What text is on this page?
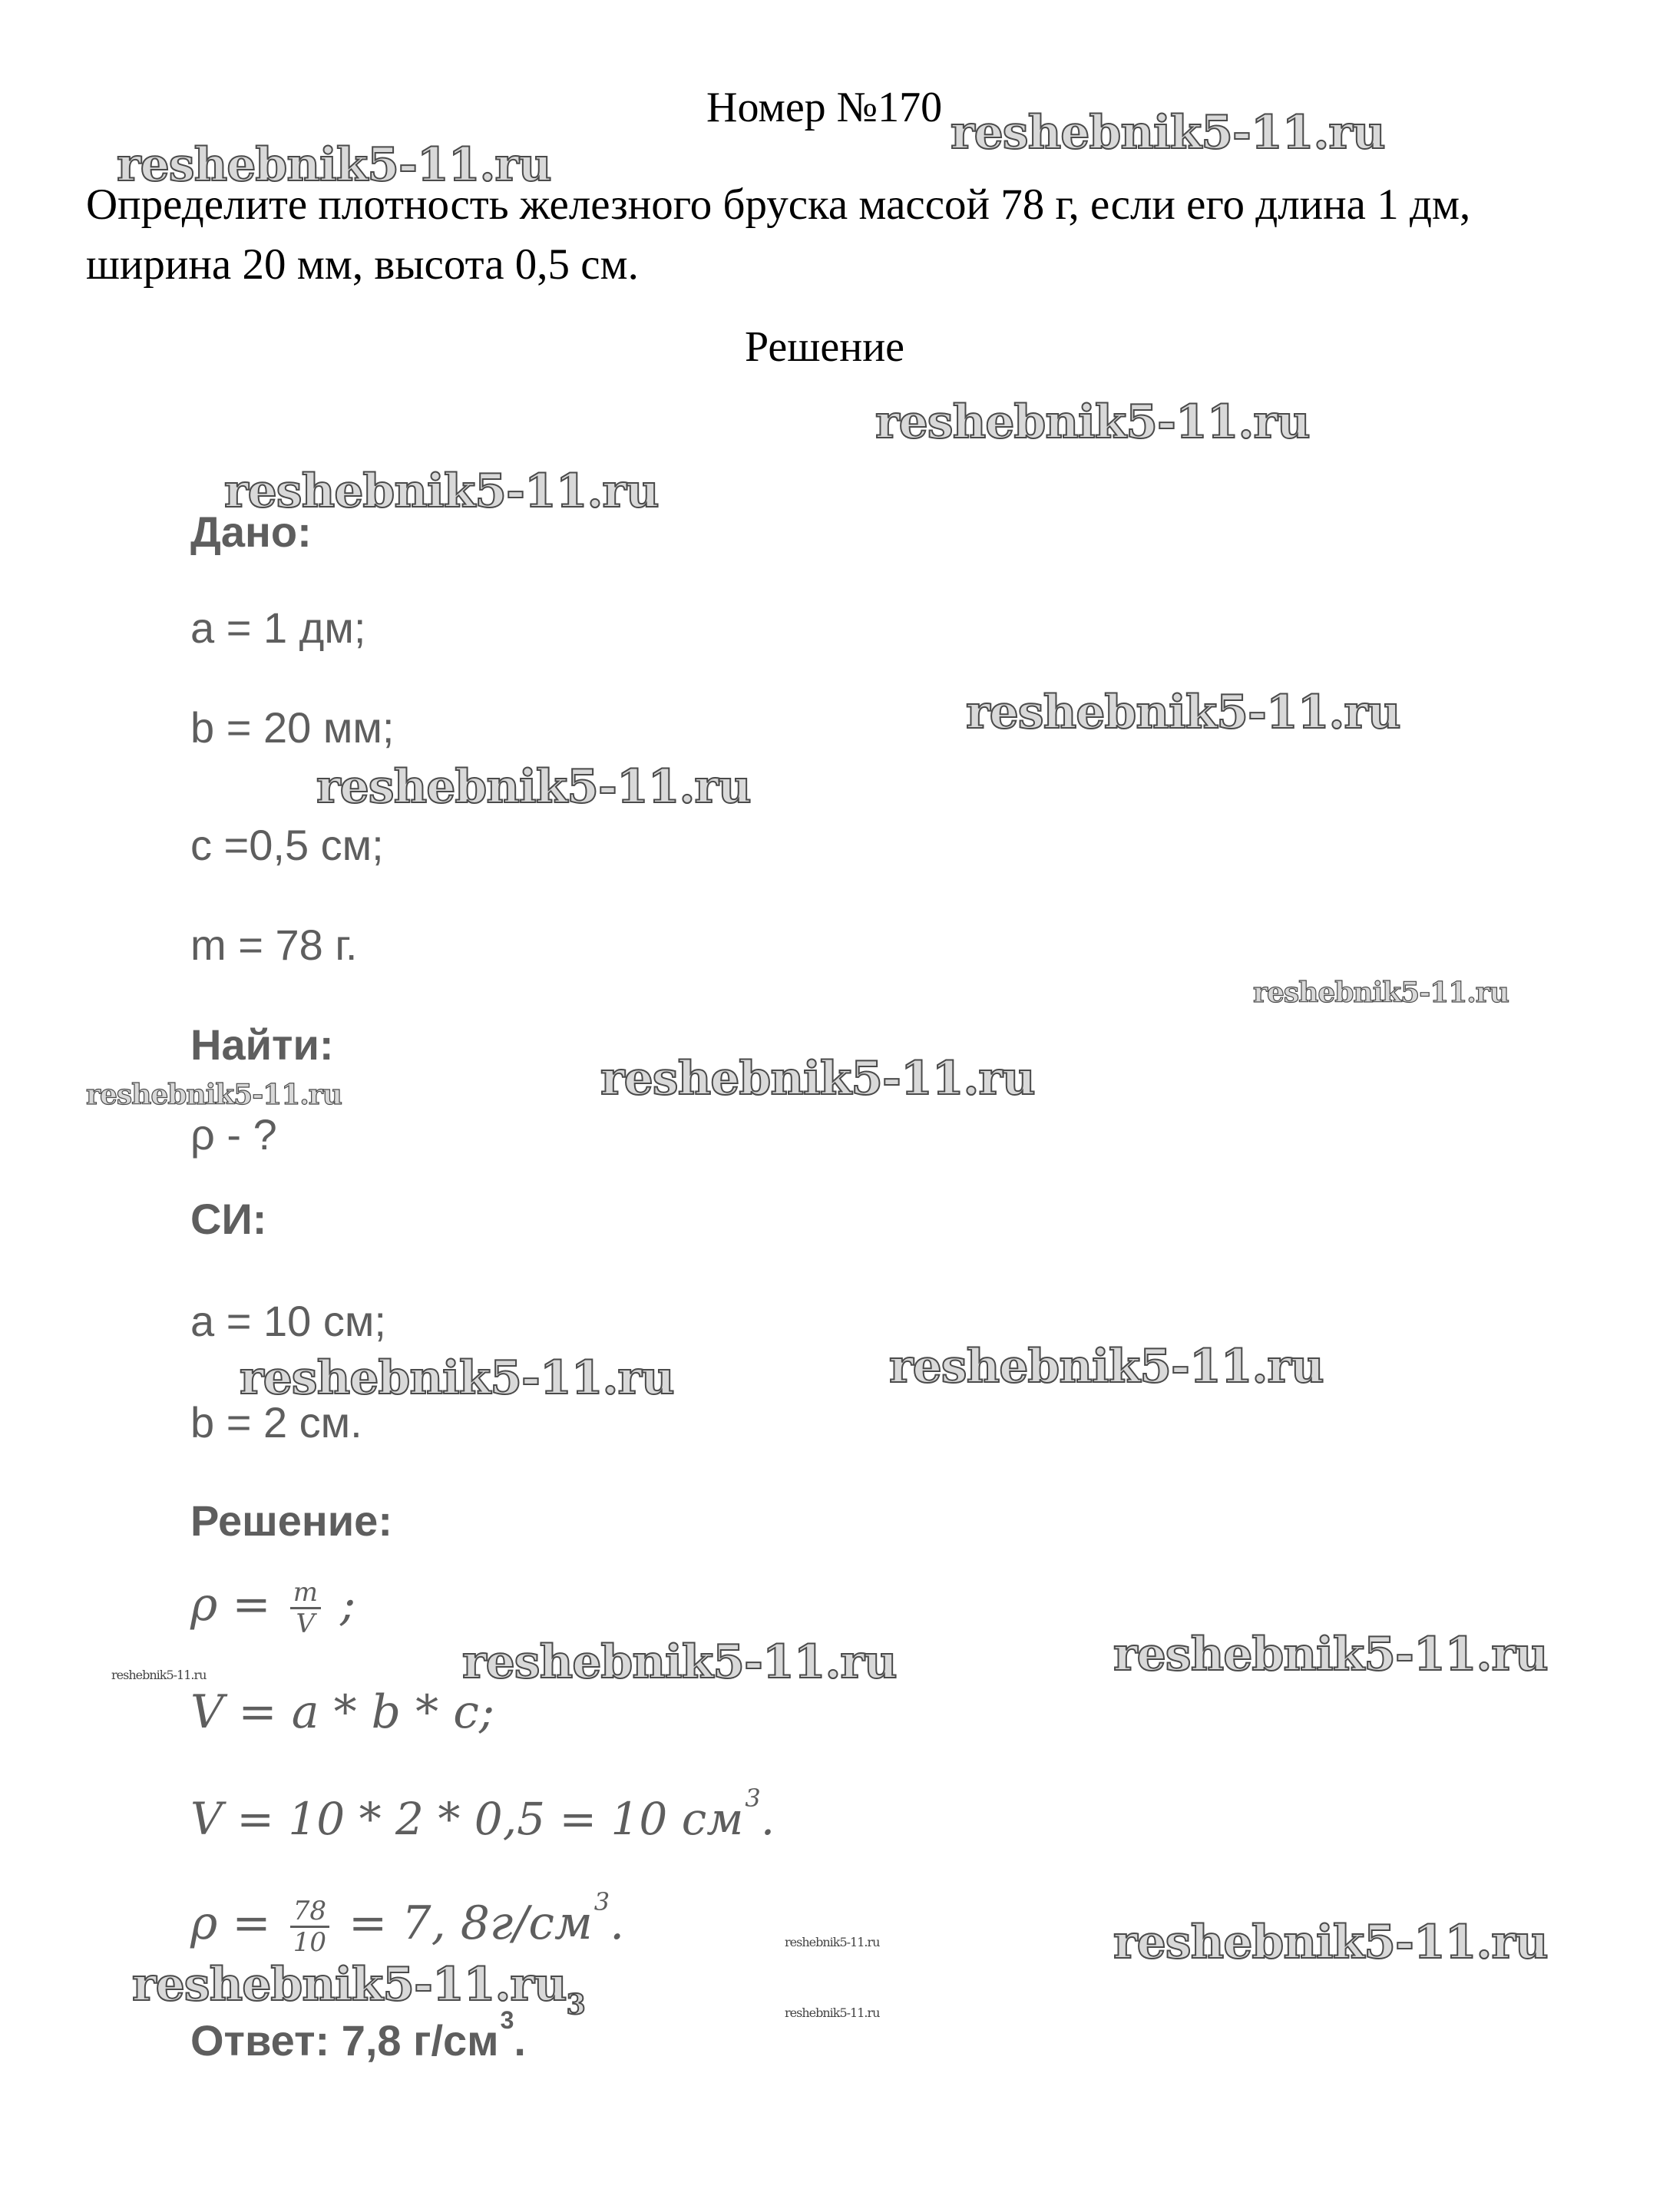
Номер №170
Определите плотность железного бруска массой 78 г, если его длина 1 дм,
ширина 20 мм, высота 0,5 см.
Решение
Дано:
a = 1 дм;
b = 20 мм;
c =0,5 см;
m = 78 г.
Найти:
ρ - ?
СИ:
a = 10 см;
b = 2 см.
Решение:
$\rho = \frac{m}{V}$ ;
V = a * b * c;
V = 10 * 2 * 0,5 = 10 $см^3$.
$\rho = \frac{78}{10} = 7$, $8г/см^3$.
Ответ: 7,8 $г/см^3$.
reshebnik5-11.ru
reshebnik5-11.ru
reshebnik5-11.ru
reshebnik5-11.ru
reshebnik5-11.ru
reshebnik5-11.ru
reshebnik5-11.ru
reshebnik5-11.ru
reshebnik5-11.ru
reshebnik5-11.ru
reshebnik5-11.ru
reshebnik5-11.ru
reshebnik5-11.ru
reshebnik5-11.ru
reshebnik5-11.ru	reshebnik5-11.ru
$reshebnik5-11.ru_3$	reshebnik5-11.ru
